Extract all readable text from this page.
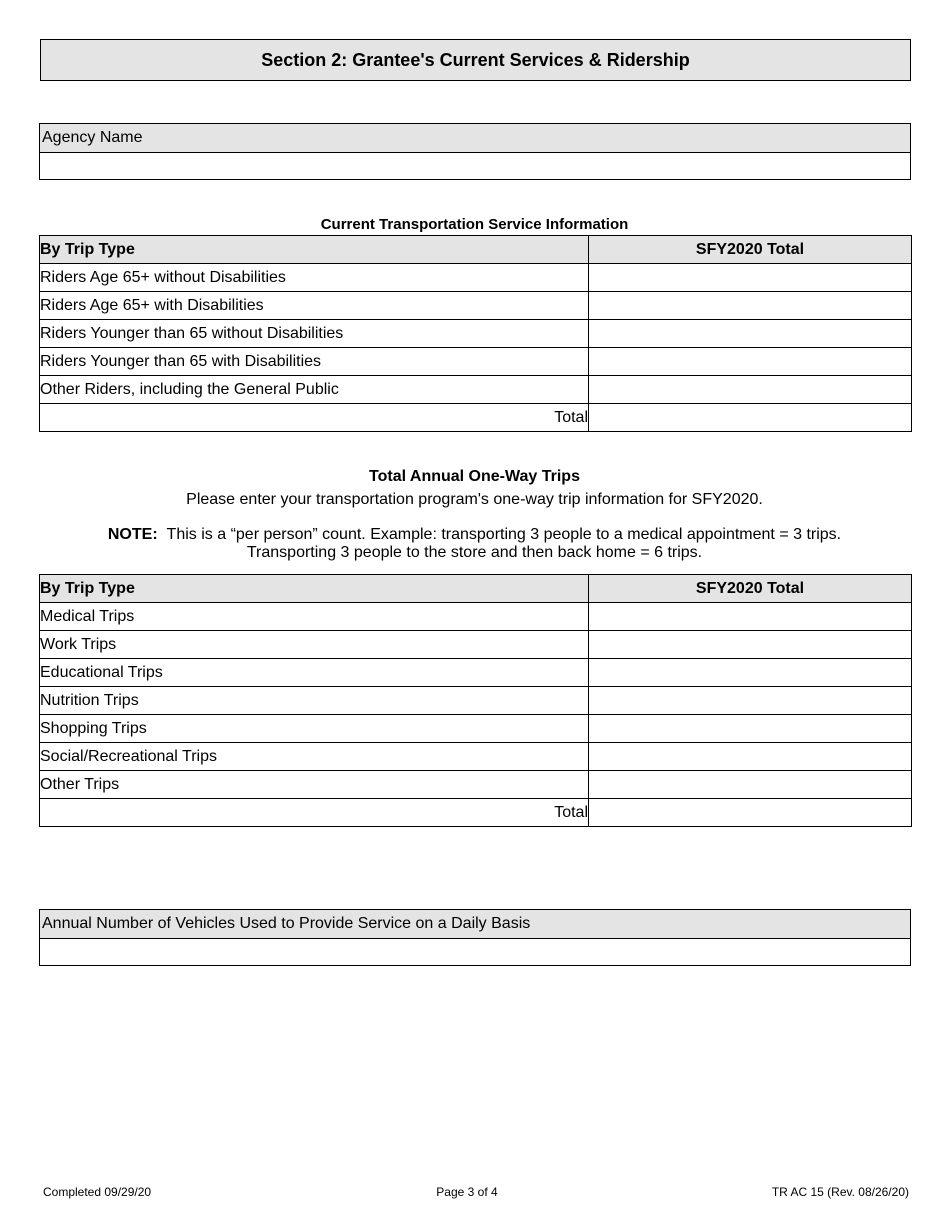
Section 2: Grantee's Current Services & Ridership
Agency Name
Current Transportation Service Information
By Trip Type	SFY2020 Total
Riders Age 65+ without Disabilities	
Riders Age 65+ with Disabilities	
Riders Younger than 65 without Disabilities	
Riders Younger than 65 with Disabilities	
Other Riders, including the General Public	
Total	
Total Annual One-Way Trips
Please enter your transportation program's one-way trip information for SFY2020.
NOTE: This is a “per person” count. Example: transporting 3 people to a medical appointment = 3 trips.
Transporting 3 people to the store and then back home = 6 trips.
By Trip Type	SFY2020 Total
Medical Trips	
Work Trips	
Educational Trips	
Nutrition Trips	
Shopping Trips	
Social/Recreational Trips	
Other Trips	
Total	
Annual Number of Vehicles Used to Provide Service on a Daily Basis
Completed 09/29/20	Page 3 of 4	TR AC 15 (Rev. 08/26/20)
